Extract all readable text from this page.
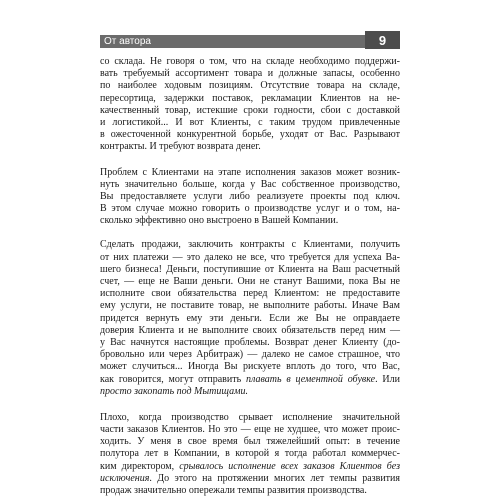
От автора	9
со склада. Не говоря о том, что на складе необходимо поддержи-
вать требуемый ассортимент товара и должные запасы, особенно
по наиболее ходовым позициям. Отсутствие товара на складе,
пересортица, задержки поставок, рекламации Клиентов на не-
качественный товар, истекшие сроки годности, сбои с доставкой
и логистикой... И вот Клиенты, с таким трудом привлеченные
в ожесточенной конкурентной борьбе, уходят от Вас. Разрывают
контракты. И требуют возврата денег.
Проблем с Клиентами на этапе исполнения заказов может возник-
нуть значительно больше, когда у Вас собственное производство,
Вы предоставляете услуги либо реализуете проекты под ключ.
В этом случае можно говорить о производстве услуг и о том, на-
сколько эффективно оно выстроено в Вашей Компании.
Сделать продажи, заключить контракты с Клиентами, получить
от них платежи — это далеко не все, что требуется для успеха Ва-
шего бизнеса! Деньги, поступившие от Клиента на Ваш расчетный
счет, — еще не Ваши деньги. Они не станут Вашими, пока Вы не
исполните свои обязательства перед Клиентом: не предоставите
ему услуги, не поставите товар, не выполните работы. Иначе Вам
придется вернуть ему эти деньги. Если же Вы не оправдаете
доверия Клиента и не выполните своих обязательств перед ним —
у Вас начнутся настоящие проблемы. Возврат денег Клиенту (до-
бровольно или через Арбитраж) — далеко не самое страшное, что
может случиться... Иногда Вы рискуете вплоть до того, что Вас,
как говорится, могут отправить плавать в цементной обувке. Или
просто закопать под Мытищами.
Плохо, когда производство срывает исполнение значительной
части заказов Клиентов. Но это — еще не худшее, что может проис-
ходить. У меня в свое время был тяжелейший опыт: в течение
полутора лет в Компании, в которой я тогда работал коммерчес-
ким директором, срывалось исполнение всех заказов Клиентов без
исключения. До этого на протяжении многих лет темпы развития
продаж значительно опережали темпы развития производства.
